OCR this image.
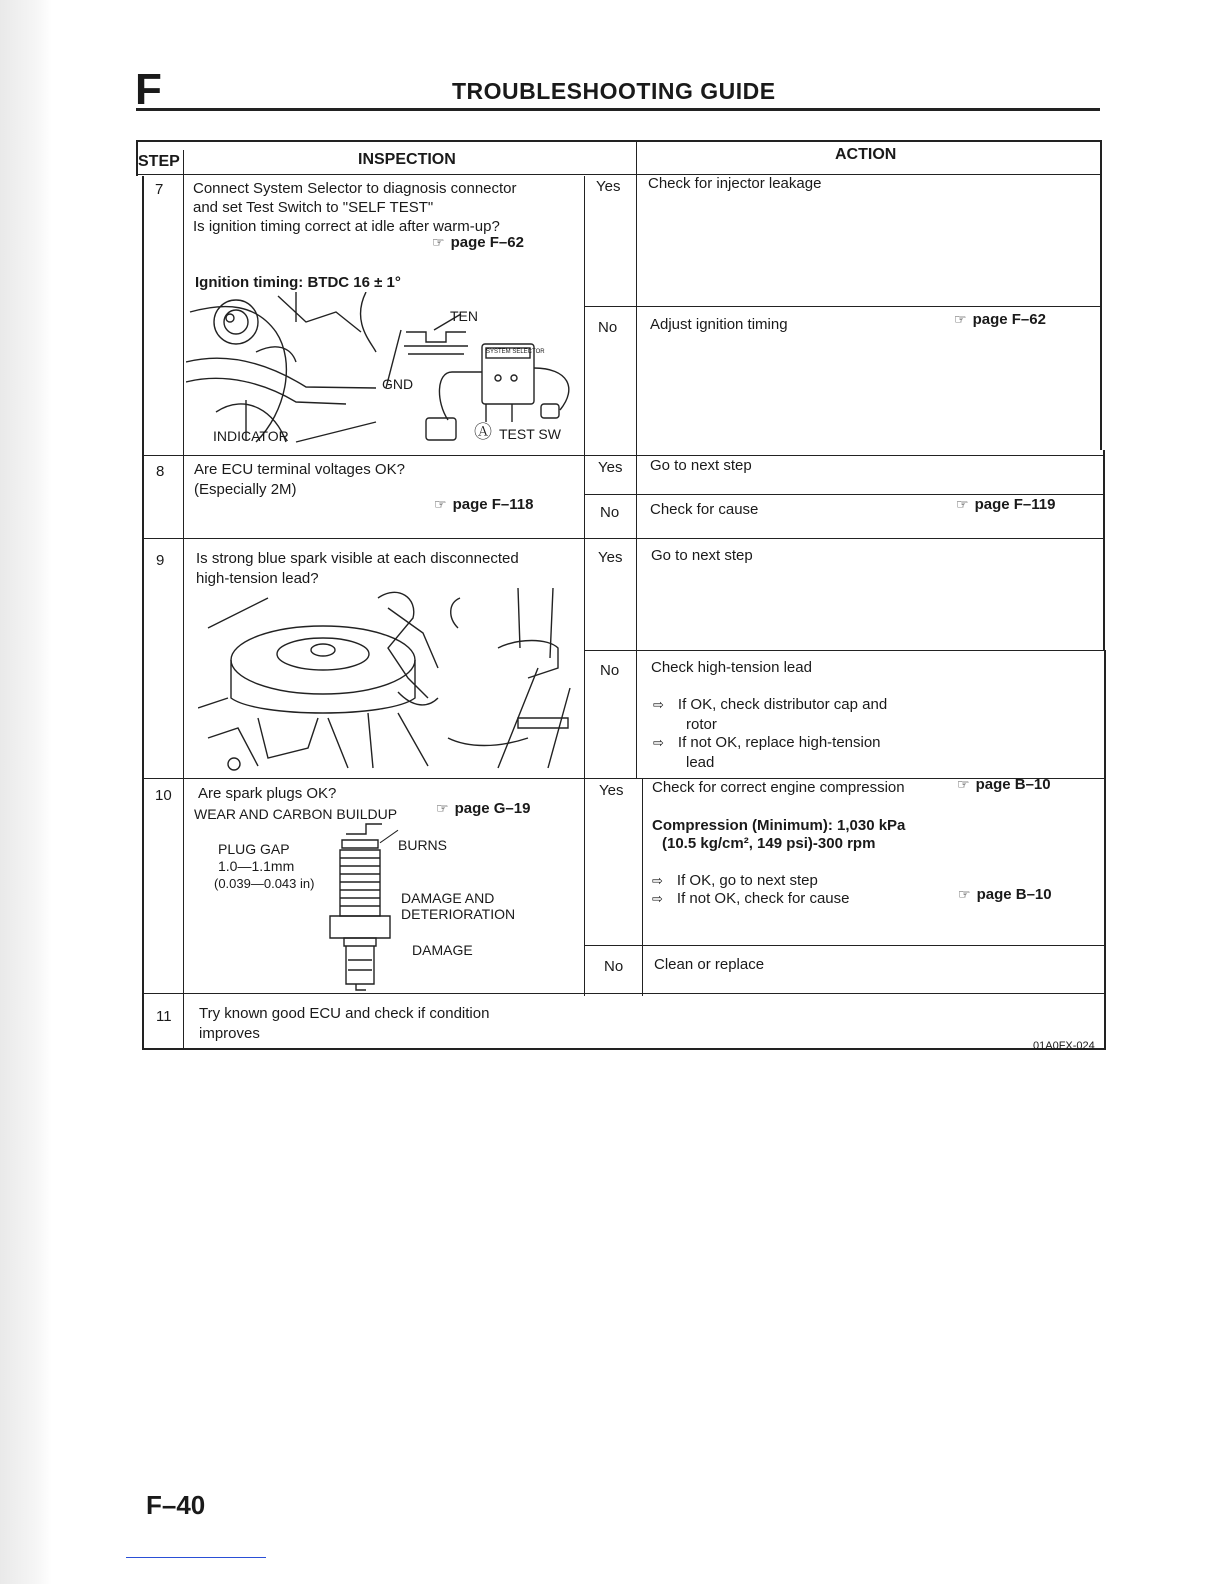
F	TROUBLESHOOTING GUIDE
STEP	INSPECTION	ACTION
7 Connect System Selector to diagnosis connector
and set Test Switch to "SELF TEST"
Is ignition timing correct at idle after warm-up?
☞ page F–62
Ignition timing: BTDC 16 ± 1°
TEN
GND
INDICATOR	Ⓐ TEST SW
SYSTEM SELECTOR
Yes Check for injector leakage
No Adjust ignition timing	☞ page F–62
8 Are ECU terminal voltages OK?
(Especially 2M)
☞ page F–118
Yes Go to next step
No Check for cause	☞ page F–119
9 Is strong blue spark visible at each disconnected
high-tension lead?
Yes Go to next step
No Check high-tension lead
⇨ If OK, check distributor cap and
rotor
⇨ If not OK, replace high-tension
lead
10 Are spark plugs OK?
WEAR AND CARBON BUILDUP	☞ page G–19
PLUG GAP
1.0—1.1mm
(0.039—0.043 in)
BURNS
DAMAGE AND
DETERIORATION
DAMAGE
Yes Check for correct engine compression	☞ page B–10
Compression (Minimum): 1,030 kPa
(10.5 kg/cm², 149 psi)-300 rpm
⇨ If OK, go to next step
⇨ If not OK, check for cause	☞ page B–10
No Clean or replace
11 Try known good ECU and check if condition
improves
01A0FX-024
F–40
